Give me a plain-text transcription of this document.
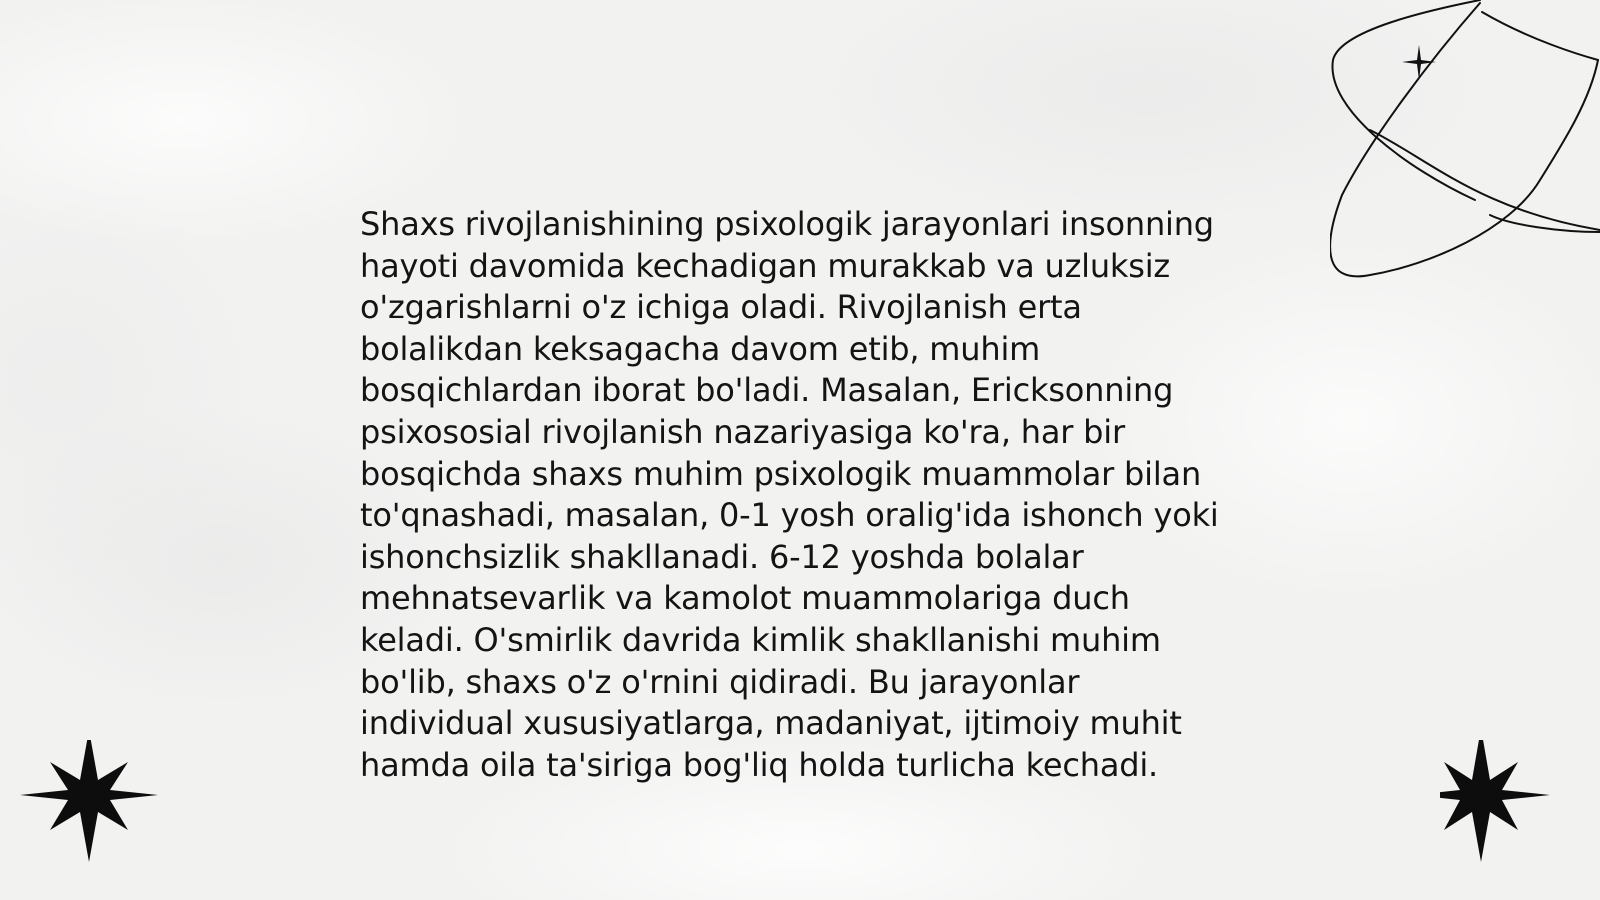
Shaxs rivojlanishining psixologik jarayonlari insonning
hayoti davomida kechadigan murakkab va uzluksiz
o'zgarishlarni o'z ichiga oladi. Rivojlanish erta
bolalikdan keksagacha davom etib, muhim
bosqichlardan iborat bo'ladi. Masalan, Ericksonning
psixososial rivojlanish nazariyasiga ko'ra, har bir
bosqichda shaxs muhim psixologik muammolar bilan
to'qnashadi, masalan, 0-1 yosh oralig'ida ishonch yoki
ishonchsizlik shakllanadi. 6-12 yoshda bolalar
mehnatsevarlik va kamolot muammolariga duch
keladi. O'smirlik davrida kimlik shakllanishi muhim
bo'lib, shaxs o'z o'rnini qidiradi. Bu jarayonlar
individual xususiyatlarga, madaniyat, ijtimoiy muhit
hamda oila ta'siriga bog'liq holda turlicha kechadi.
